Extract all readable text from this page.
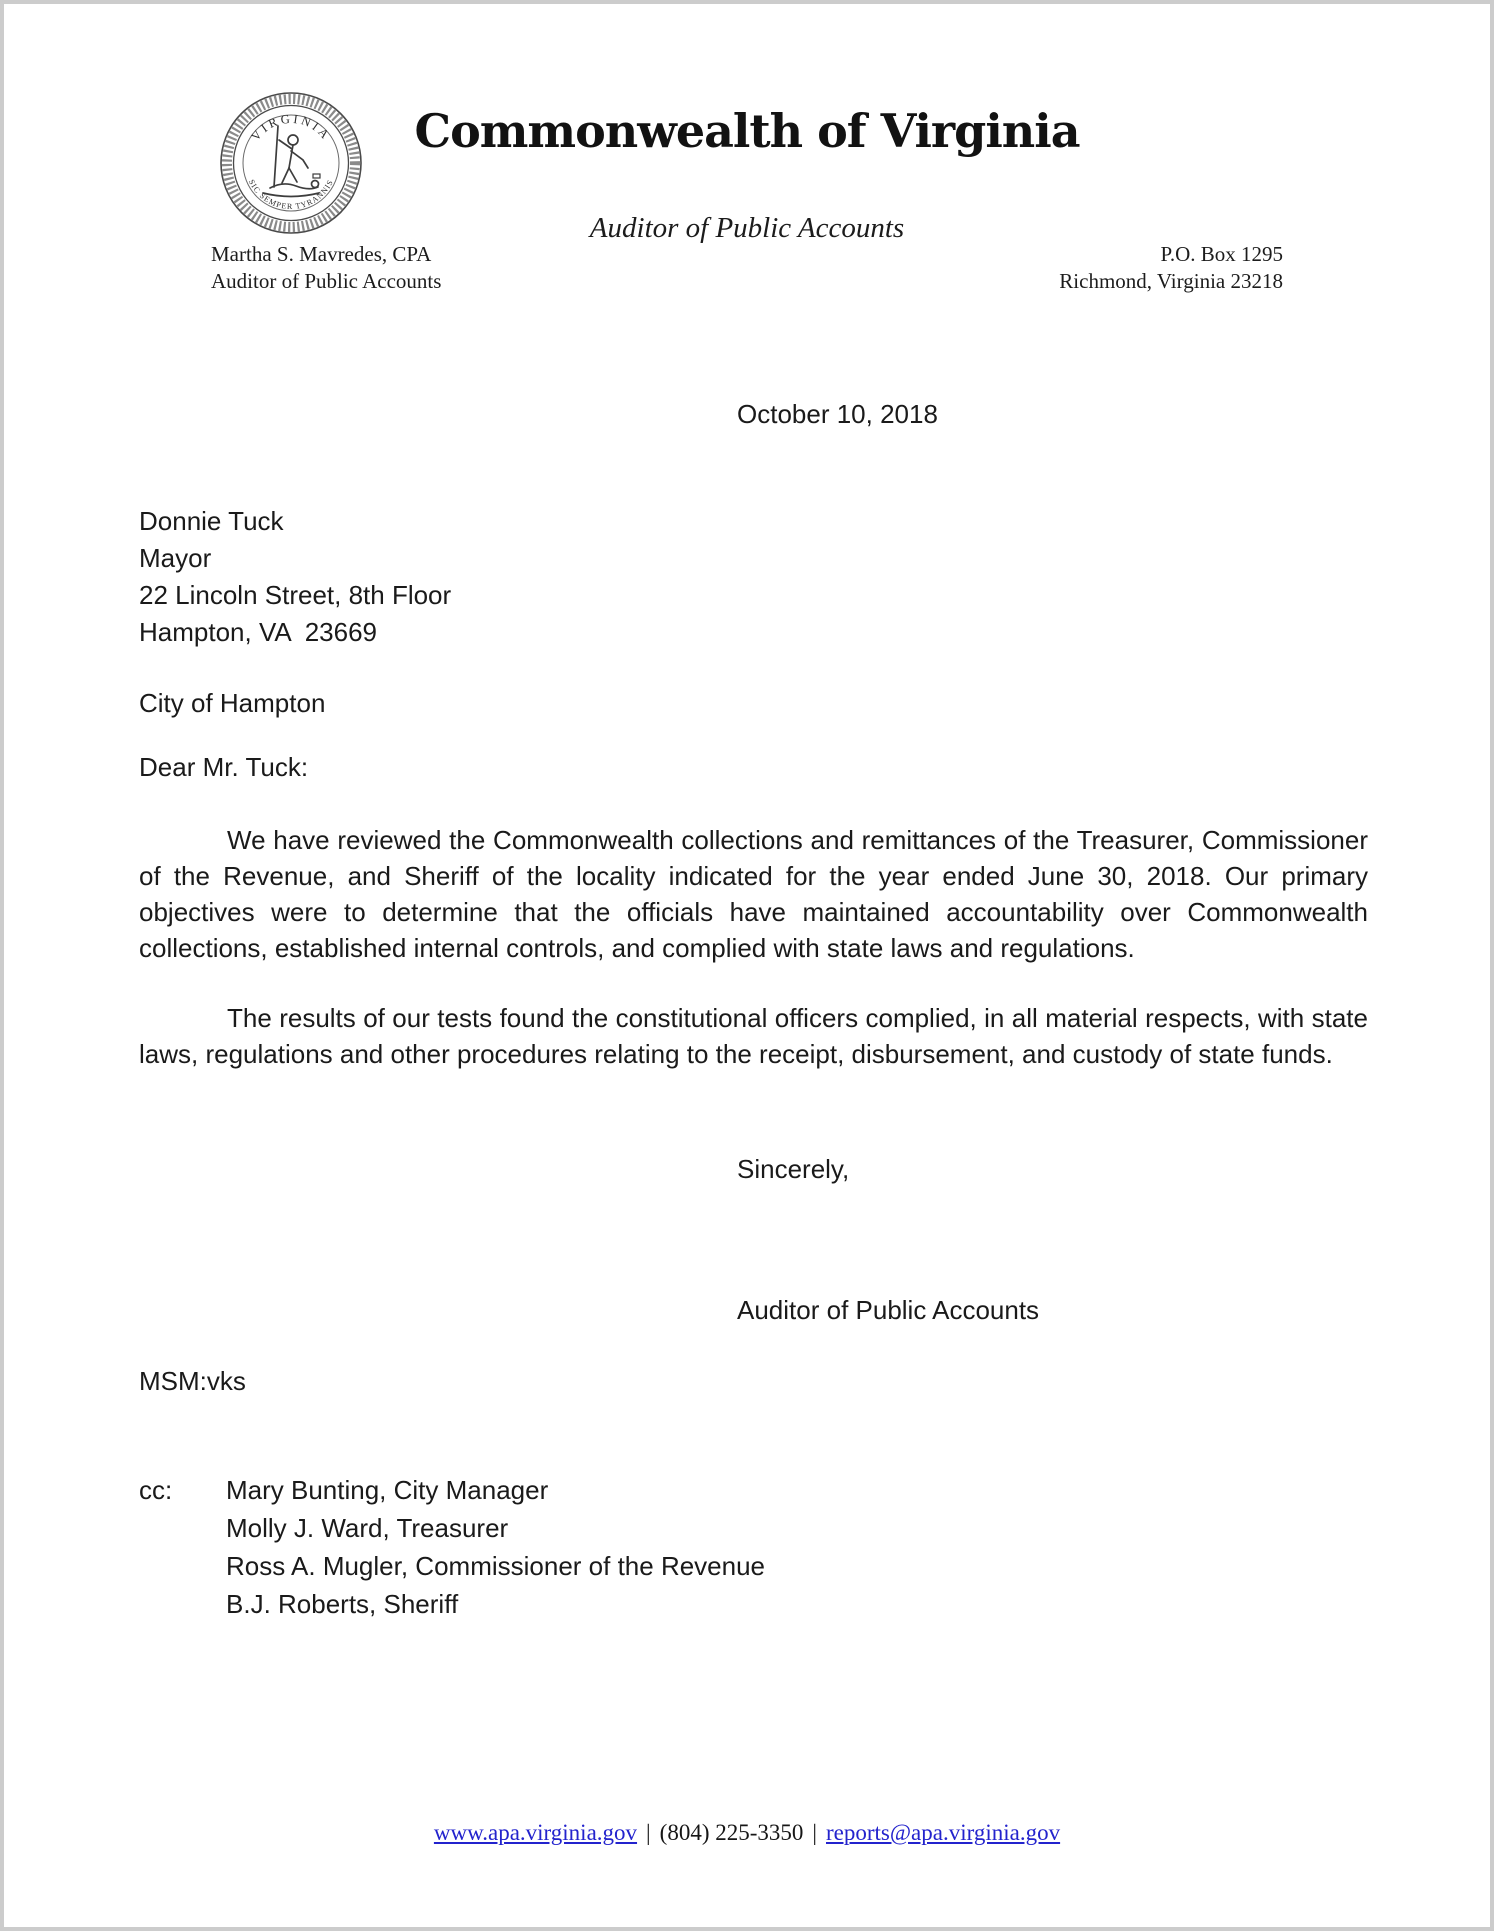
VIRGINIA
SIC SEMPER TYRANNIS
Commonwealth of Virginia
Auditor of Public Accounts
Martha S. Mavredes, CPA
Auditor of Public Accounts
P.O. Box 1295
Richmond, Virginia 23218
October 10, 2018
Donnie Tuck
Mayor
22 Lincoln Street, 8th Floor
Hampton, VA  23669
City of Hampton
Dear Mr. Tuck:

We have reviewed the Commonwealth collections and remittances of the Treasurer, Commissioner of the Revenue, and Sheriff of the locality indicated for the year ended June 30, 2018. Our primary objectives were to determine that the officials have maintained accountability over Commonwealth collections, established internal controls, and complied with state laws and regulations.

The results of our tests found the constitutional officers complied, in all material respects, with state laws, regulations and other procedures relating to the receipt, disbursement, and custody of state funds.

Sincerely,
Auditor of Public Accounts
MSM:vks
cc: Mary Bunting, City Manager
Molly J. Ward, Treasurer
Ross A. Mugler, Commissioner of the Revenue
B.J. Roberts, Sheriff
www.apa.virginia.gov | (804) 225-3350 | reports@apa.virginia.gov
